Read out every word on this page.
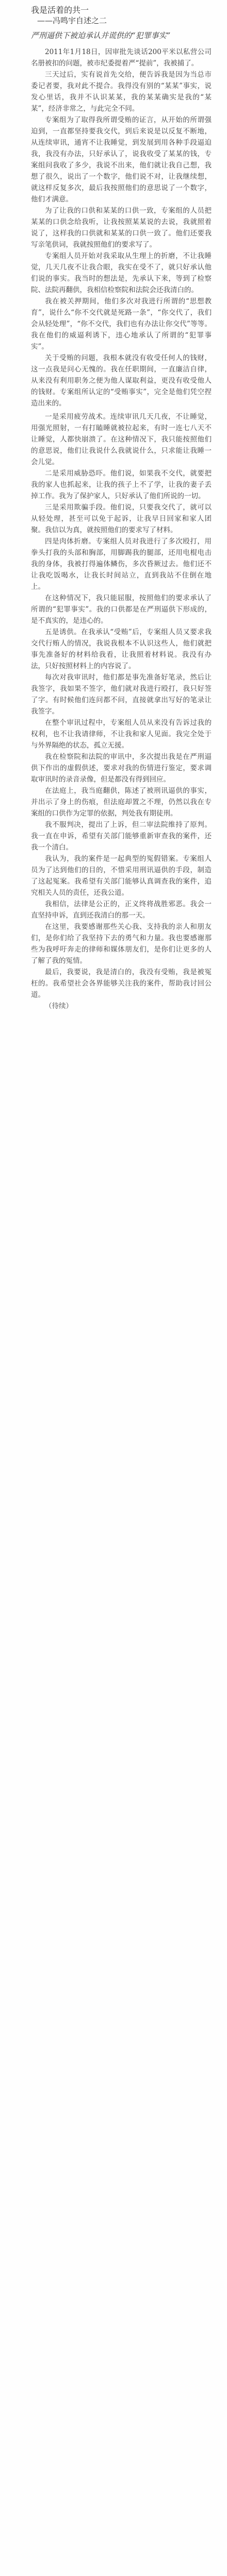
我是活着的共一
——冯鸣宇自述之二
严刑逼供下被迫承认并谎供的“犯罪事实”

2011年1月18日，因审批先谈话200平米以私营公司名册被扣的问题，被市纪委提着严“提前”，我被捕了。

三天过后，实有说首先交给，便告诉我是因为当总市委记者要，我对此不提合。我得没有别的“某某”事实，说发心里话，我并不认识某某，我的某某确实是我的“某某”，经济非常之，与此完全不同。

专案组为了取得我所谓受贿的证言，从开始的所谓强迫到，一直都坚持要我交代，到后来说是以反复不断地，从连续审讯，通宵不让我睡觉，到发展到用各种手段逼迫我，我没有办法，只好承认了，说我收受了某某的钱，专案组问我收了多少，我说不出来，他们就让我自己想，我想了很久，说出了一个数字，他们说不对，让我继续想，就这样反复多次，最后我按照他们的意思说了一个数字，他们才满意。

为了让我的口供和某某的口供一致，专案组的人员把某某的口供念给我听，让我按照某某说的去说，我就照着说了，这样我的口供就和某某的口供一致了。他们还要我写亲笔供词，我就按照他们的要求写了。

专案组人员开始对我采取从生理上的折磨，不让我睡觉，几天几夜不让我合眼，我实在受不了，就只好承认他们说的事实。我当时的想法是，先承认下来，等到了检察院、法院再翻供，我相信检察院和法院会还我清白的。

我在被关押期间，他们多次对我进行所谓的“思想教育”，说什么“你不交代就是死路一条”，“你交代了，我们会从轻处理”，“你不交代，我们也有办法让你交代”等等。我在他们的威逼利诱下，违心地承认了所谓的“犯罪事实”。

关于受贿的问题，我根本就没有收受任何人的钱财，这一点我是问心无愧的。我在任职期间，一直廉洁自律，从来没有利用职务之便为他人谋取利益，更没有收受他人的钱财。专案组所认定的“受贿事实”，完全是他们凭空捏造出来的。

一是采用疲劳战术。连续审讯几天几夜，不让睡觉，用强光照射，一有打瞌睡就被拉起来，有时一连七八天不让睡觉，人都快崩溃了。在这种情况下，我只能按照他们的意思说，他们让我说什么我就说什么，只求能让我睡一会儿觉。

二是采用威胁恐吓。他们说，如果我不交代，就要把我的家人也抓起来，让我的孩子上不了学，让我的妻子丢掉工作。我为了保护家人，只好承认了他们所说的一切。

三是采用欺骗手段。他们说，只要我交代了，就可以从轻处理，甚至可以免于起诉，让我早日回家和家人团聚。我信以为真，就按照他们的要求写了材料。

四是肉体折磨。专案组人员对我进行了多次殴打，用拳头打我的头部和胸部，用脚踢我的腿部，还用电棍电击我的身体，我被打得遍体鳞伤，多次昏厥过去。他们还不让我吃饭喝水，让我长时间站立，直到我站不住倒在地上。

在这种情况下，我只能屈服，按照他们的要求承认了所谓的“犯罪事实”。我的口供都是在严刑逼供下形成的，是不真实的，是违心的。

五是诱供。在我承认“受贿”后，专案组人员又要求我交代行贿人的情况，我说我根本不认识这些人，他们就把事先准备好的材料给我看，让我照着材料说。我没有办法，只好按照材料上的内容说了。

每次对我审讯时，他们都是事先准备好笔录，然后让我签字，我如果不签字，他们就对我进行殴打，我只好签了字。有时候他们连问都不问，直接就拿出写好的笔录让我签字。

在整个审讯过程中，专案组人员从来没有告诉过我的权利，也不让我请律师，不让我和家人见面。我完全处于与外界隔绝的状态，孤立无援。

我在检察院和法院的审讯中，多次提出我是在严刑逼供下作出的虚假供述，要求对我的伤情进行鉴定，要求调取审讯时的录音录像，但是都没有得到回应。

在法庭上，我当庭翻供，陈述了被刑讯逼供的事实，并出示了身上的伤痕，但法庭却置之不理，仍然以我在专案组的口供作为定罪的依据，判处我有期徒刑。

我不服判决，提出了上诉，但二审法院维持了原判。我一直在申诉，希望有关部门能够重新审查我的案件，还我一个清白。

我认为，我的案件是一起典型的冤假错案。专案组人员为了达到他们的目的，不惜采用刑讯逼供的手段，制造了这起冤案。我希望有关部门能够认真调查我的案件，追究相关人员的责任，还我公道。

我相信，法律是公正的，正义终将战胜邪恶。我会一直坚持申诉，直到还我清白的那一天。

在这里，我要感谢那些关心我、支持我的亲人和朋友们，是你们给了我坚持下去的勇气和力量。我也要感谢那些为我呼吁奔走的律师和媒体朋友们，是你们让更多的人了解了我的冤情。

最后，我要说，我是清白的，我没有受贿，我是被冤枉的。我希望社会各界能够关注我的案件，帮助我讨回公道。

（待续）
